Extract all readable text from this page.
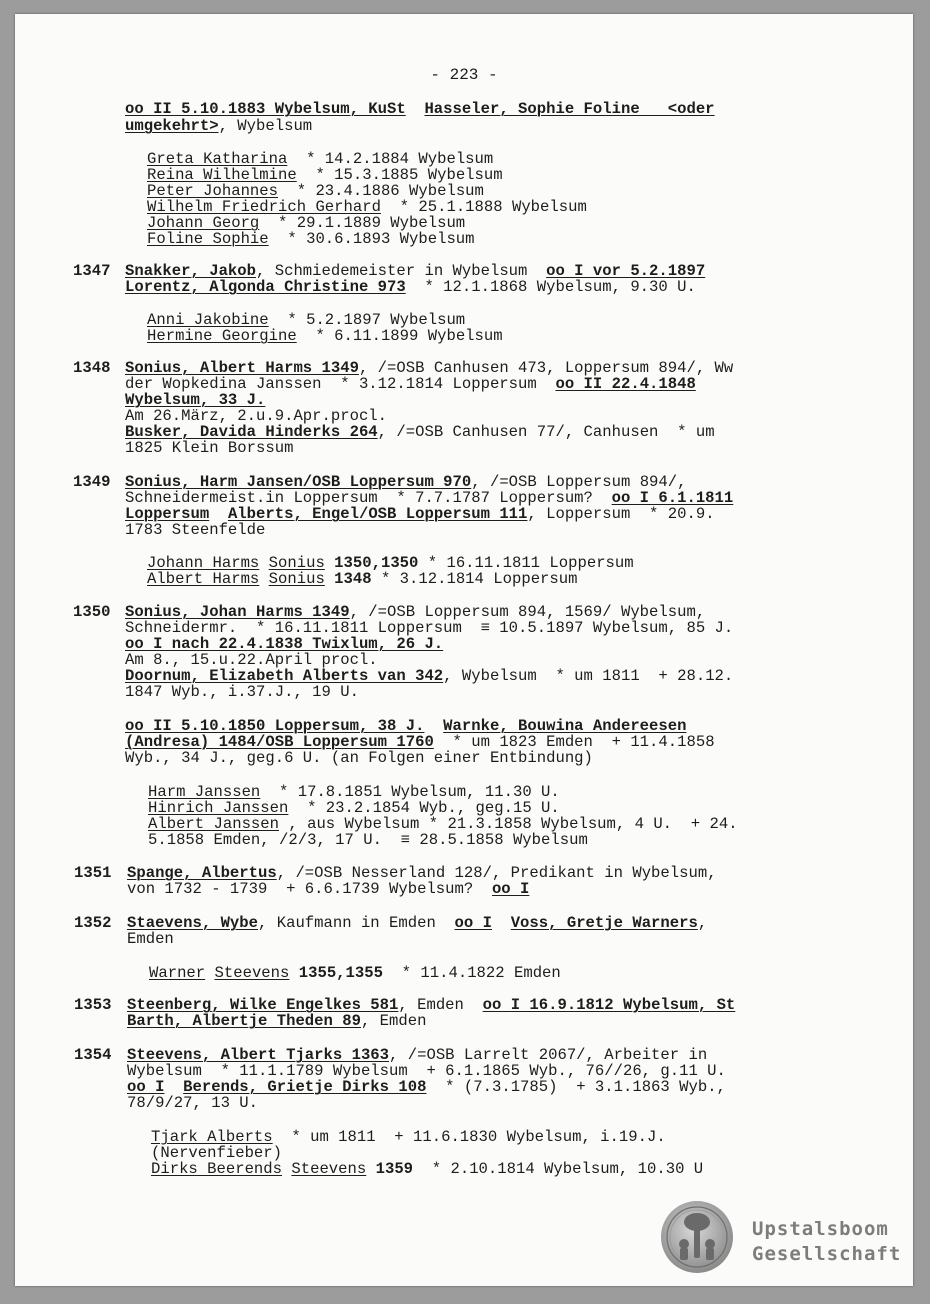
- 223 -
oo II 5.10.1883 Wybelsum, KuSt Hasseler, Sophie Foline   <oder
umgekehrt>, Wybelsum
Greta Katharina  * 14.2.1884 Wybelsum
Reina Wilhelmine  * 15.3.1885 Wybelsum
Peter Johannes  * 23.4.1886 Wybelsum
Wilhelm Friedrich Gerhard  * 25.1.1888 Wybelsum
Johann Georg  * 29.1.1889 Wybelsum
Foline Sophie  * 30.6.1893 Wybelsum
1347 Snakker, Jakob, Schmiedemeister in Wybelsum  oo I vor 5.2.1897
Lorentz, Algonda Christine 973  * 12.1.1868 Wybelsum, 9.30 U.
Anni Jakobine  * 5.2.1897 Wybelsum
Hermine Georgine  * 6.11.1899 Wybelsum
1348 Sonius, Albert Harms 1349, /=OSB Canhusen 473, Loppersum 894/, Ww
der Wopkedina Janssen  * 3.12.1814 Loppersum  oo II 22.4.1848
Wybelsum, 33 J.
Am 26.März, 2.u.9.Apr.procl.
Busker, Davida Hinderks 264, /=OSB Canhusen 77/, Canhusen  * um
1825 Klein Borssum
1349 Sonius, Harm Jansen/OSB Loppersum 970, /=OSB Loppersum 894/,
Schneidermeist.in Loppersum  * 7.7.1787 Loppersum?  oo I 6.1.1811
Loppersum Alberts, Engel/OSB Loppersum 111, Loppersum  * 20.9.
1783 Steenfelde
Johann Harms Sonius 1350,1350 * 16.11.1811 Loppersum
Albert Harms Sonius 1348 * 3.12.1814 Loppersum
1350 Sonius, Johan Harms 1349, /=OSB Loppersum 894, 1569/ Wybelsum,
Schneidermr.  * 16.11.1811 Loppersum  ≡ 10.5.1897 Wybelsum, 85 J.
oo I nach 22.4.1838 Twixlum, 26 J.
Am 8., 15.u.22.April procl.
Doornum, Elizabeth Alberts van 342, Wybelsum  * um 1811  + 28.12.
1847 Wyb., i.37.J., 19 U.
oo II 5.10.1850 Loppersum, 38 J. Warnke, Bouwina Andereesen
(Andresa) 1484/OSB Loppersum 1760  * um 1823 Emden  + 11.4.1858
Wyb., 34 J., geg.6 U. (an Folgen einer Entbindung)
Harm Janssen  * 17.8.1851 Wybelsum, 11.30 U.
Hinrich Janssen  * 23.2.1854 Wyb., geg.15 U.
Albert Janssen , aus Wybelsum * 21.3.1858 Wybelsum, 4 U.  + 24.
5.1858 Emden, /2/3, 17 U.  ≡ 28.5.1858 Wybelsum
1351 Spange, Albertus, /=OSB Nesserland 128/, Predikant in Wybelsum,
von 1732 - 1739  + 6.6.1739 Wybelsum?  oo I
1352 Staevens, Wybe, Kaufmann in Emden  oo I Voss, Gretje Warners,
Emden
Warner Steevens 1355,1355  * 11.4.1822 Emden
1353 Steenberg, Wilke Engelkes 581, Emden  oo I 16.9.1812 Wybelsum, St
Barth, Albertje Theden 89, Emden
1354 Steevens, Albert Tjarks 1363, /=OSB Larrelt 2067/, Arbeiter in
Wybelsum  * 11.1.1789 Wybelsum  + 6.1.1865 Wyb., 76//26, g.11 U.
oo I Berends, Grietje Dirks 108  * (7.3.1785)  + 3.1.1863 Wyb.,
78/9/27, 13 U.
Tjark Alberts  * um 1811  + 11.6.1830 Wybelsum, i.19.J.
(Nervenfieber)
Dirks Beerends Steevens 1359  * 2.10.1814 Wybelsum, 10.30 U
Upstalsboom
Gesellschaft
